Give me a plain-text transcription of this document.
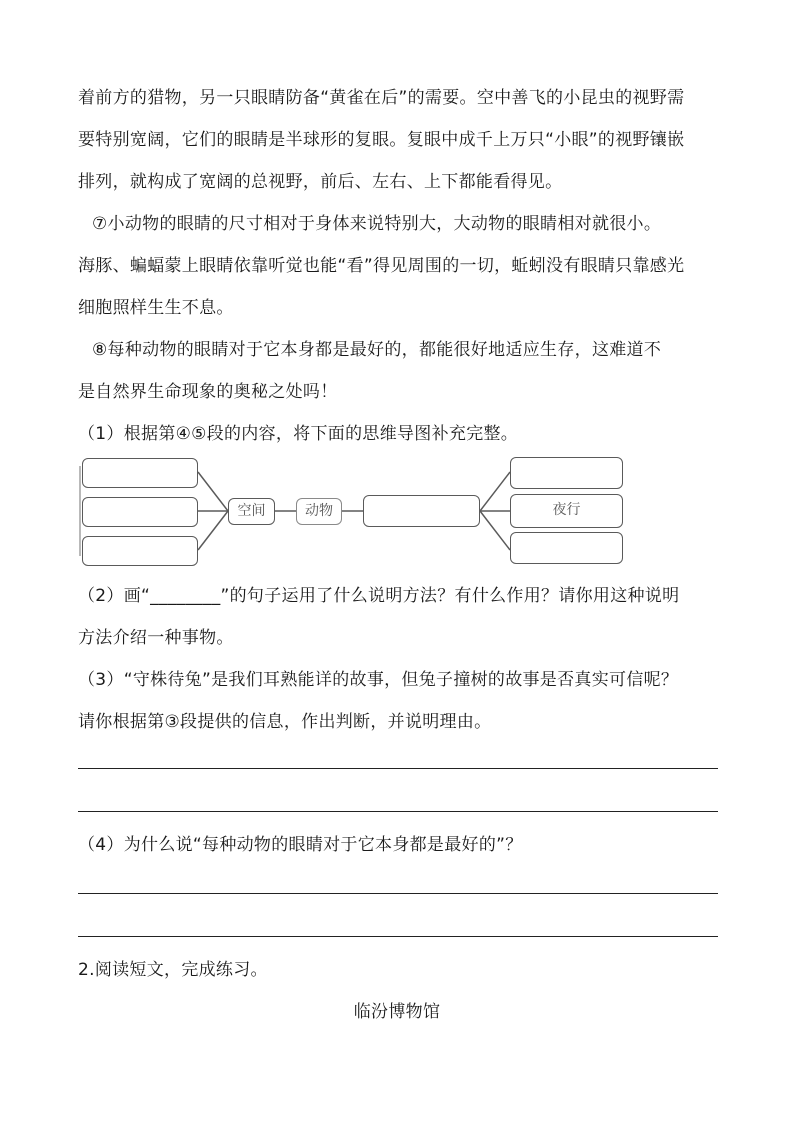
着前方的猎物，另一只眼睛防备“黄雀在后”的需要。空中善飞的小昆虫的视野需
要特别宽阔，它们的眼睛是半球形的复眼。复眼中成千上万只“小眼”的视野镶嵌
排列，就构成了宽阔的总视野，前后、左右、上下都能看得见。
⑦小动物的眼睛的尺寸相对于身体来说特别大，大动物的眼睛相对就很小。
海豚、蝙蝠蒙上眼睛依靠听觉也能“看”得见周围的一切，蚯蚓没有眼睛只靠感光
细胞照样生生不息。
⑧每种动物的眼睛对于它本身都是最好的，都能很好地适应生存，这难道不
是自然界生命现象的奥秘之处吗！
（1）根据第④⑤段的内容，将下面的思维导图补充完整。
空间	动物	夜行
（2）画“________”的句子运用了什么说明方法？有什么作用？请你用这种说明
方法介绍一种事物。
（3）“守株待兔”是我们耳熟能详的故事，但兔子撞树的故事是否真实可信呢？
请你根据第③段提供的信息，作出判断，并说明理由。
（4）为什么说“每种动物的眼睛对于它本身都是最好的”？
2.阅读短文，完成练习。
临汾博物馆
